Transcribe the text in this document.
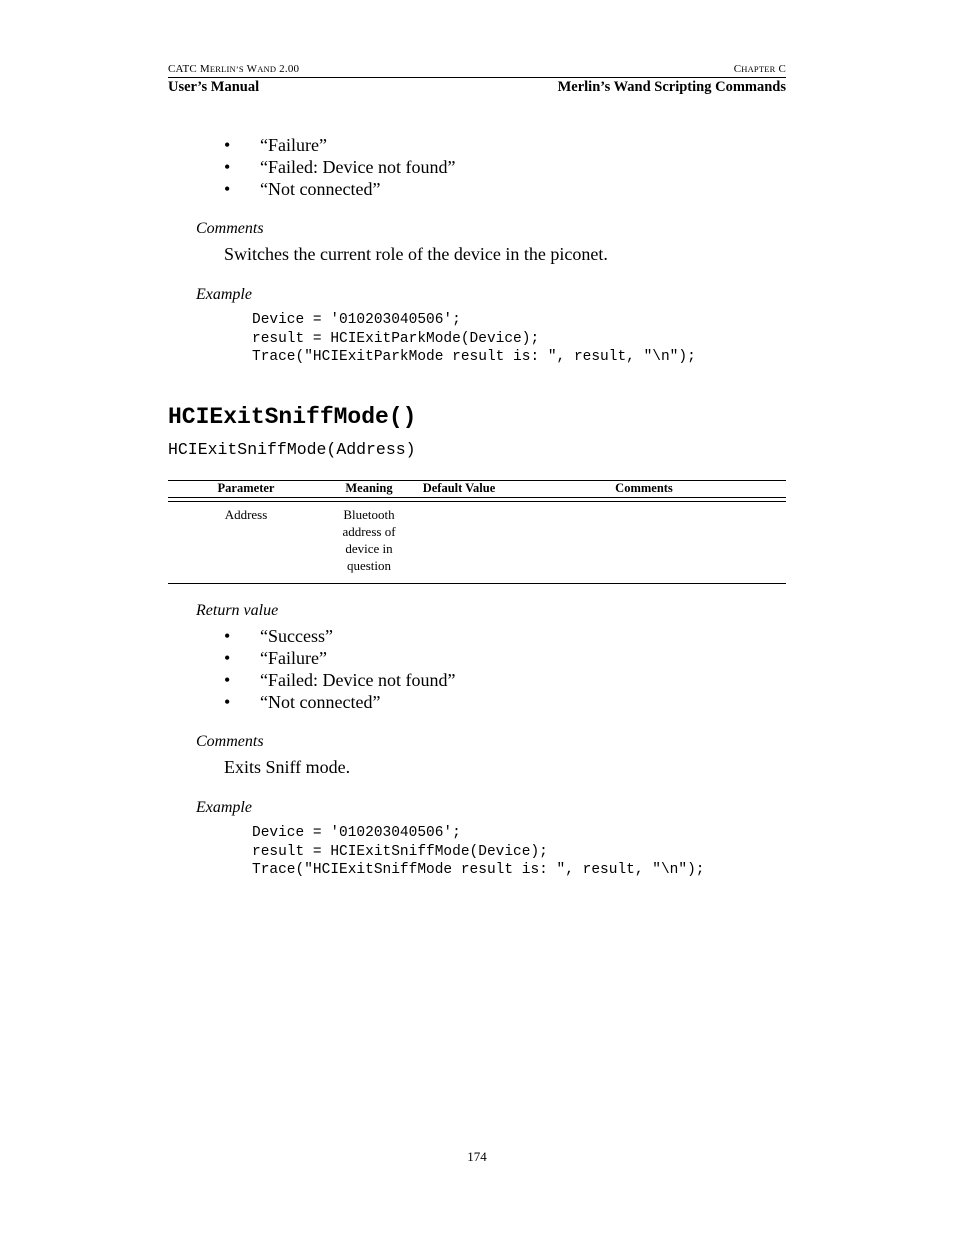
CATC MERLIN’S WAND 2.00	CHAPTER C
User’s Manual	Merlin’s Wand Scripting Commands
• “Failure”
• “Failed: Device not found”
• “Not connected”
Comments
Switches the current role of the device in the piconet.
Example
Device = '010203040506';
result = HCIExitParkMode(Device);
Trace("HCIExitParkMode result is: ", result, "\n");
HCIExitSniffMode()
HCIExitSniffMode(Address)
Parameter	Meaning	Default Value	Comments
Address	Bluetooth
address of
device in
question
Return value
• “Success”
• “Failure”
• “Failed: Device not found”
• “Not connected”
Comments
Exits Sniff mode.
Example
Device = '010203040506';
result = HCIExitSniffMode(Device);
Trace("HCIExitSniffMode result is: ", result, "\n");
174
